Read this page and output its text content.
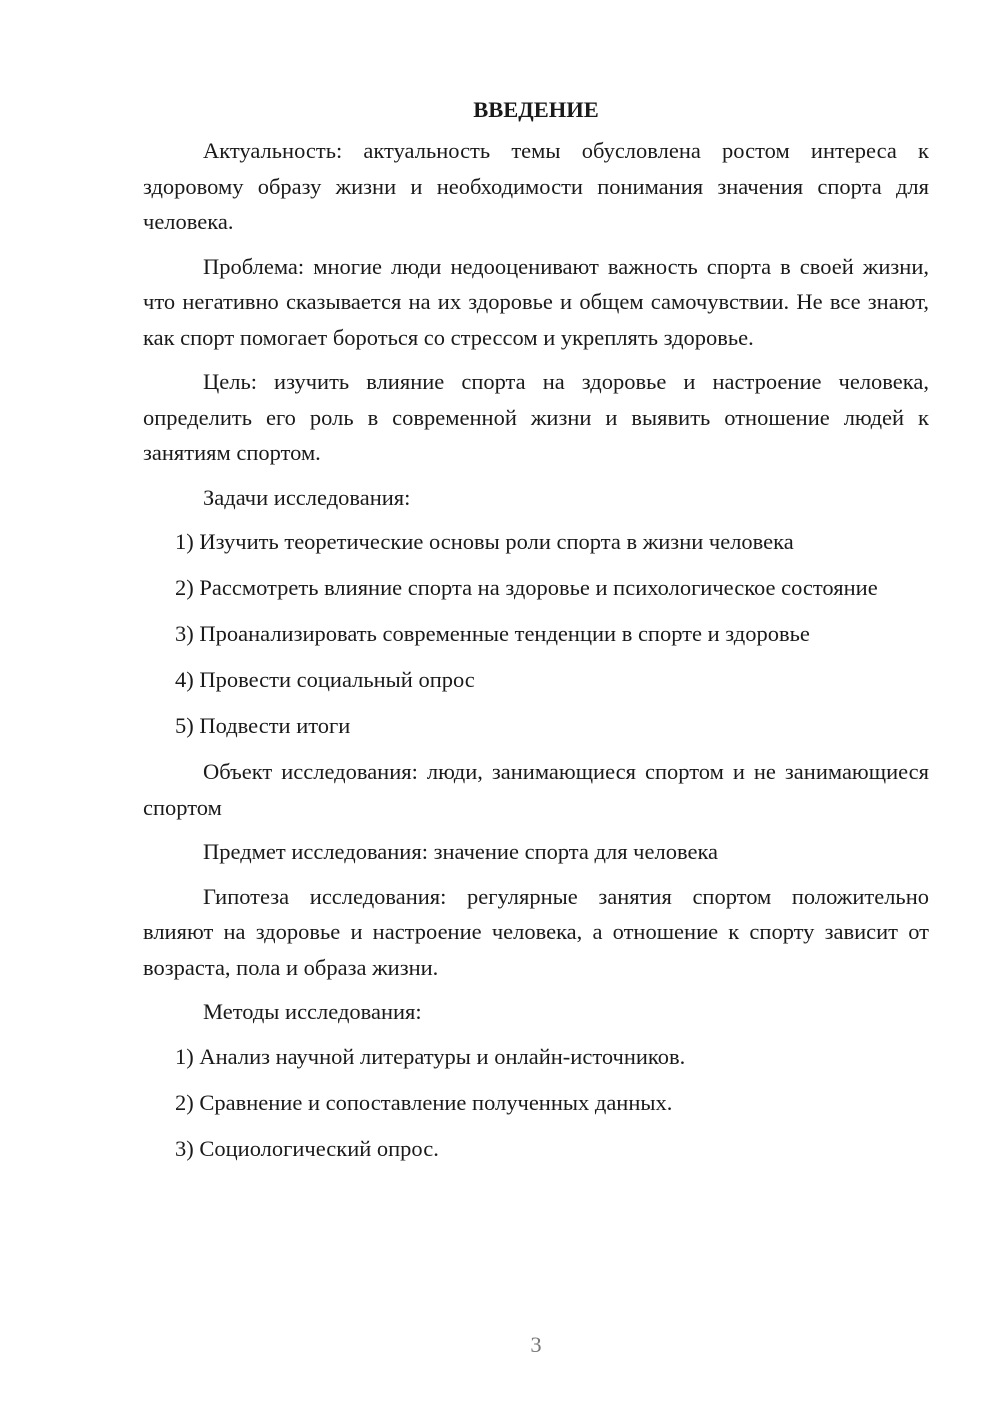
ВВЕДЕНИЕ

Актуальность: актуальность темы обусловлена ростом интереса к здоровому образу жизни и необходимости понимания значения спорта для человека.

Проблема: многие люди недооценивают важность спорта в своей жизни, что негативно сказывается на их здоровье и общем самочувствии. Не все знают, как спорт помогает бороться со стрессом и укреплять здоровье.

Цель: изучить влияние спорта на здоровье и настроение человека, определить его роль в современной жизни и выявить отношение людей к занятиям спортом.

Задачи исследования:

1) Изучить теоретические основы роли спорта в жизни человека

2) Рассмотреть влияние спорта на здоровье и психологическое состояние

3) Проанализировать современные тенденции в спорте и здоровье

4) Провести социальный опрос

5) Подвести итоги

Объект исследования: люди, занимающиеся спортом и не занимающиеся спортом

Предмет исследования: значение спорта для человека

Гипотеза исследования: регулярные занятия спортом положительно влияют на здоровье и настроение человека, а отношение к спорту зависит от возраста, пола и образа жизни.

Методы исследования:

1) Анализ научной литературы и онлайн-источников.

2) Сравнение и сопоставление полученных данных.

3) Социологический опрос.

3
